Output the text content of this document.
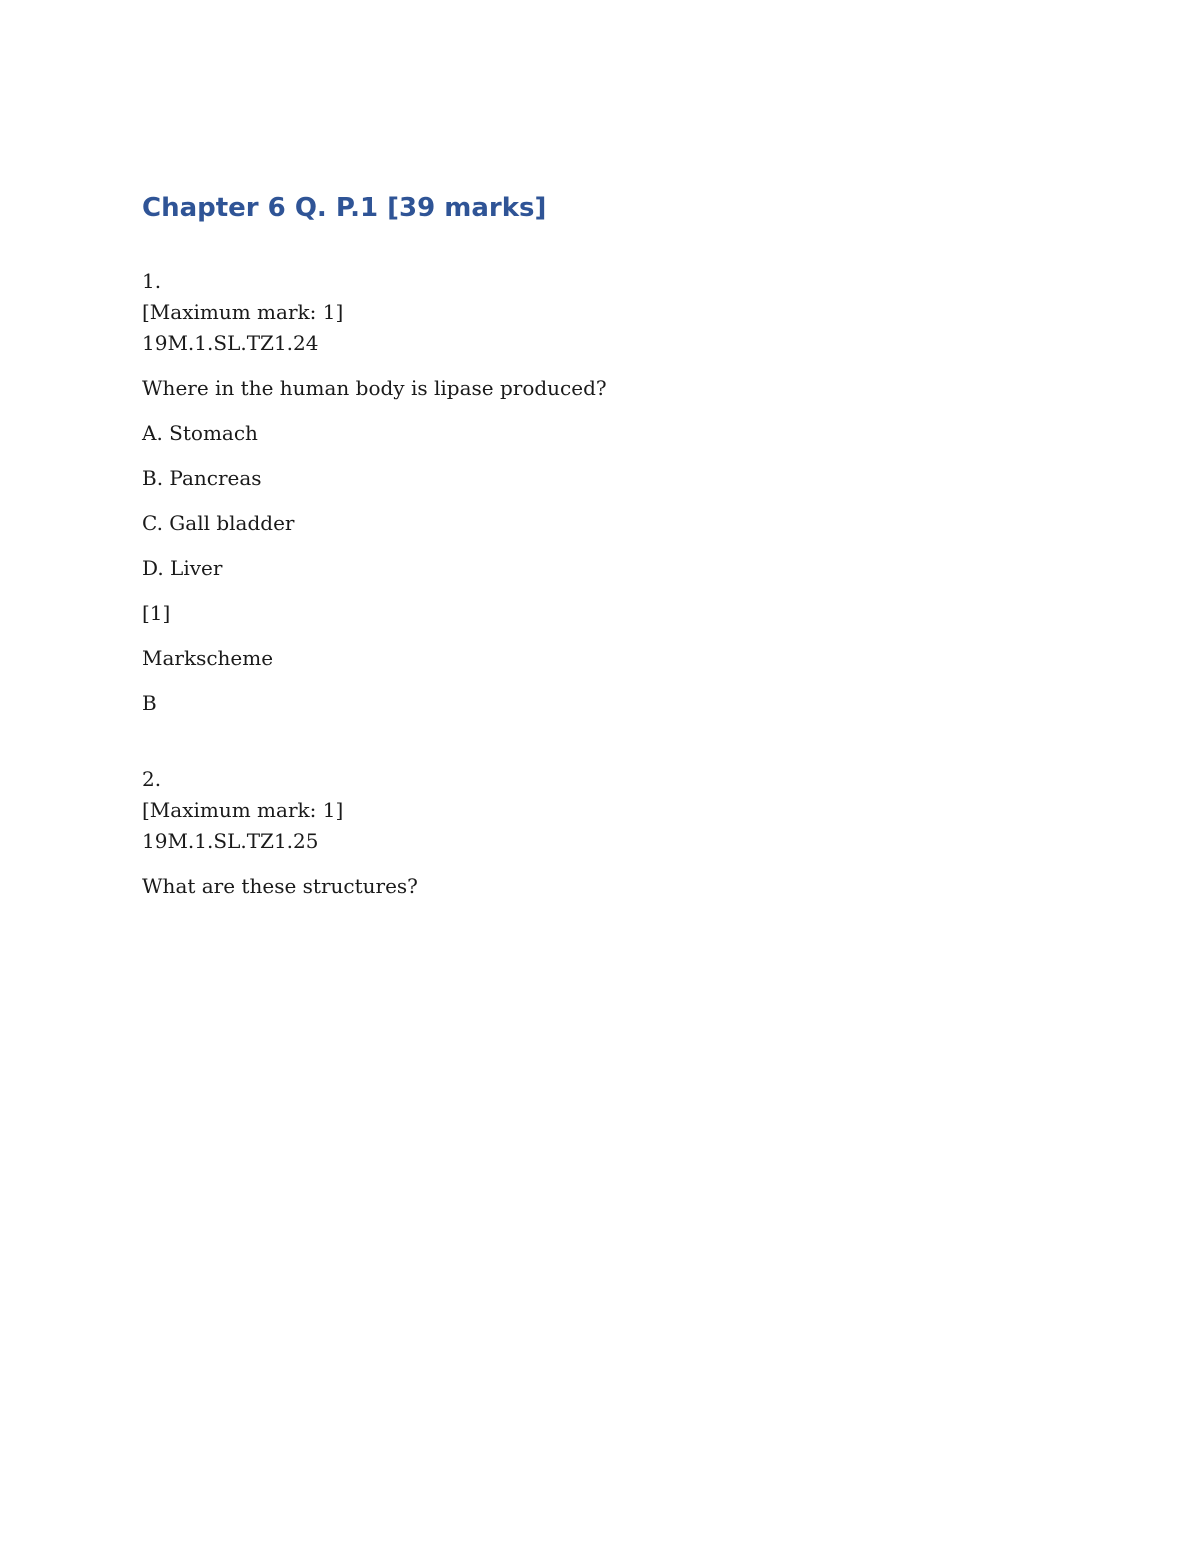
Chapter 6 Q. P.1 [39 marks]
1.
[Maximum mark: 1]
19M.1.SL.TZ1.24

Where in the human body is lipase produced?

A. Stomach

B. Pancreas

C. Gall bladder

D. Liver

[1]

Markscheme

B

2.
[Maximum mark: 1]
19M.1.SL.TZ1.25

What are these structures?
